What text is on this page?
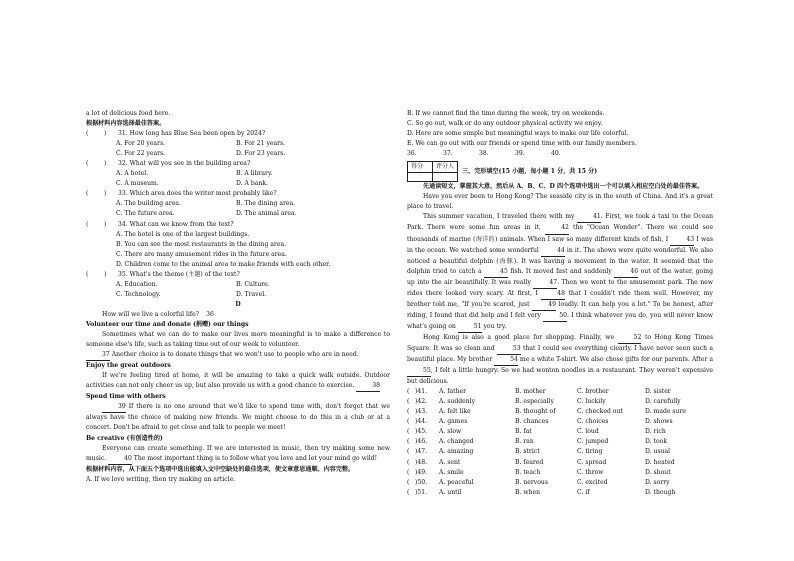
a lot of delicious food here.
根据材料内容选择最佳答案。
(	)	31 . How long has Blue Sea been open by 2024?
A. For 20 years.	B. For 21 years.
C. For 22 years.	D. For 23 years.
(	)	32 . What will you see in the building area?
A. A hotel.	B. A library.
C. A museum.	D. A bank.
(	)	33 . Which area does the writer most probably like?
A. The building area.	B. The dining area.
C. The future area.	D. The animal area.
(	)	34 . What can we know from the text?
A. The hotel is one of the largest buildings.
B. You can see the most restaurants in the dining area.
C. There are many amusement rides in the future area.
D. Children come to the animal area to make friends with each other.
(	)	35 . What's the theme (主题) of the text?
A. Education.	B. Culture.
C. Technology.	D. Travel.
D
How will we live a colorful life? 36
Volunteer our time and donate (捐赠) our things
Sometimes what we can do to make our lives more meaningful is to make a difference to someone else's life, such as taking time out of our week to volunteer.
37 Another choice is to donate things that we won't use to people who are in need.
Enjoy the great outdoors
If we're feeling tired at home, it will be amazing to take a quick walk outside. Outdoor activities can not only cheer us up, but also provide us with a good chance to exercise.	38
Spend time with others
39 If there is no one around that we'd like to spend time with, don't forget that we always have the choice of making new friends. We might choose to do this in a club or at a concert. Don't be afraid to get close and talk to people we meet!
Be creative (有创造性的)
Everyone can create something. If we are interested in music, then try making some new music.	40 The most important thing is to follow what you love and let your mind go wild!
根据材料内容，从下面五个选项中选出能填入文中空缺处的最佳选项，使文章意思通顺、内容完整。
A. If we love writing, then try making an article.
B. If we cannot find the time during the week, try on weekends.
C. So go out, walk or do any outdoor physical activity we enjoy.
D. Here are some simple but meaningful ways to make our life colorful.
E. We can go out with our friends or spend time with our family members.
36.	37.	38.	39.	40.
得分	评分人

三、完形填空(15 小题，每小题 1 分，共 15 分)
先通读短文，掌握其大意，然后从 A、B、C、D 四个选项中选出一个可以填入相应空白处的最佳答案。
Have you ever been to Hong Kong? The seaside city is in the south of China. And it's a great place to travel.
This summer vacation, I traveled there with my	41. First, we took a taxi to the Ocean Park. There were some fun areas in it,	42 the "Ocean Wonder". There we could see thousands of marine (海洋的) animals. When I saw so many different kinds of fish, I	43 I was in the ocean. We watched some wonderful	44 in it. The shows were quite wonderful. We also noticed a beautiful dolphin (海豚). It was having a movement in the water. It seemed that the dolphin tried to catch a	45 fish. It moved fast and suddenly	46 out of the water, going up into the air beautifully. It was really	47. Then we went to the amusement park. The new rides there looked very scary. At first, I	48 that I couldn't ride them well. However, my brother told me, "If you're scared, just	49 loudly. It can help you a lot." To be honest, after riding, I found that did help and I felt very	50. I think whatever you do, you will never know what's going on	51 you try.
Hong Kong is also a good place for shopping. Finally, we	52 to Hong Kong Times Square. It was so clean and	53 that I could see everything clearly. I have never seen such a beautiful place. My brother	54 me a white T-shirt. We also chose gifts for our parents. After a 55, I felt a little hungry. So we had wonton noodles in a restaurant. They weren't expensive but delicious.
( )41.	A. father	B. mother	C. brother	D. sister
( )42.	A. suddenly	B. especially	C. luckily	D. carefully
( )43.	A. felt like	B. thought of	C. checked out	D. made sure
( )44.	A. games	B. chances	C. choices	D. shows
( )45.	A. slow	B. fat	C. loud	D. rich
( )46.	A. changed	B. ran	C. jumped	D. took
( )47.	A. amazing	B. strict	C. tiring	D. usual
( )48.	A. sent	B. feared	C. spread	D. heated
( )49.	A. smile	B. teach	C. throw	D. shout
( )50.	A. peaceful	B. nervous	C. excited	D. sorry
( )51.	A. until	B. when	C. if	D. though
